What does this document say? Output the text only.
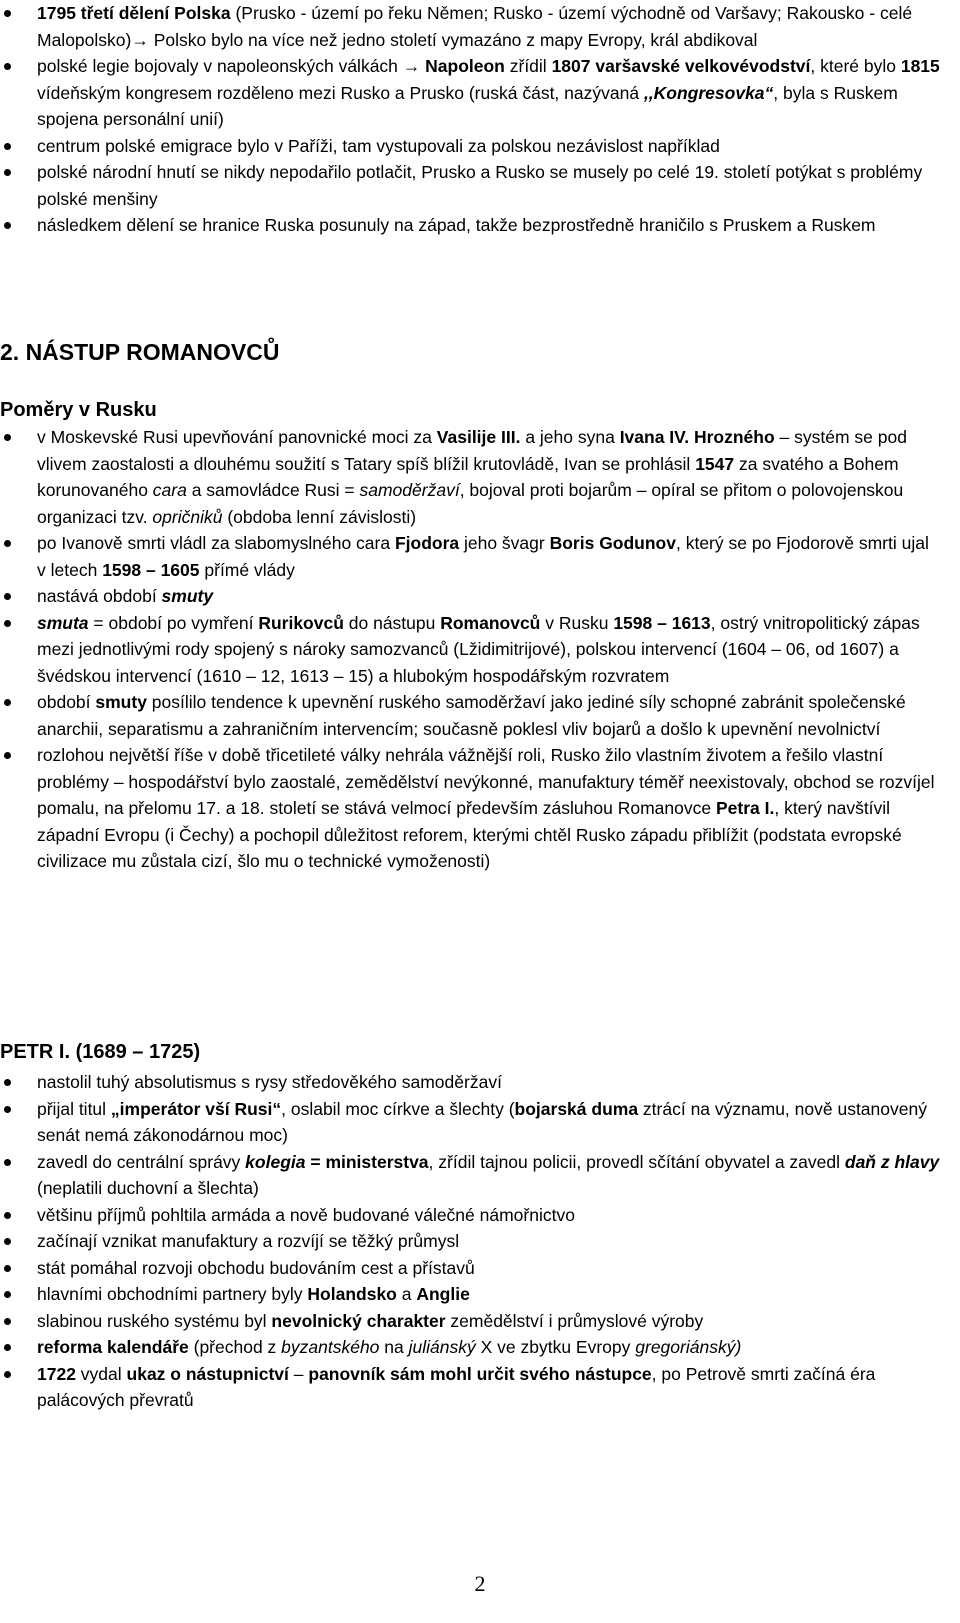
1795 třetí dělení Polska (Prusko - území po řeku Němen; Rusko - území východně od Varšavy; Rakousko - celé Malopolsko)→ Polsko bylo na více než jedno století vymazáno z mapy Evropy, král abdikoval
polské legie bojovaly v napoleonských válkách → Napoleon zřídil 1807 varšavské velkovévodství, které bylo 1815 vídeňským kongresem rozděleno mezi Rusko a Prusko (ruská část, nazývaná ,,Kongresovka“, byla s Ruskem spojena personální unií)
centrum polské emigrace bylo v Paříži, tam vystupovali za polskou nezávislost například
polské národní hnutí se nikdy nepodařilo potlačit, Prusko a Rusko se musely po celé 19. století potýkat s problémy polské menšiny
následkem dělení se hranice Ruska posunuly na západ, takže bezprostředně hraničilo s Pruskem a Ruskem
2. NÁSTUP ROMANOVCŮ
Poměry v Rusku
v Moskevské Rusi upevňování panovnické moci za Vasilije III. a jeho syna Ivana IV. Hrozného – systém se pod vlivem zaostalosti a dlouhému soužití s Tatary spíš blížil krutovládě, Ivan se prohlásil 1547 za svatého a Bohem korunovaného cara a samovládce Rusi = samoděržaví, bojoval proti bojarům – opíral se přitom o polovojenskou organizaci tzv. opričniků (obdoba lenní závislosti)
po Ivanově smrti vládl za slabomyslného cara Fjodora jeho švagr Boris Godunov, který se po Fjodorově smrti ujal v letech 1598 – 1605 přímé vlády
nastává období smuty
smuta = období po vymření Rurikovců do nástupu Romanovců v Rusku 1598 – 1613, ostrý vnitropolitický zápas mezi jednotlivými rody spojený s nároky samozvanců (Lžidimitrijové), polskou intervencí (1604 – 06, od 1607) a švédskou intervencí (1610 – 12, 1613 – 15) a hlubokým hospodářským rozvratem
období smuty posílilo tendence k upevnění ruského samoděržaví jako jediné síly schopné zabránit společenské anarchii, separatismu a zahraničním intervencím; současně poklesl vliv bojarů a došlo k upevnění nevolnictví
rozlohou největší říše v době třicetileté války nehrála vážnější roli, Rusko žilo vlastním životem a řešilo vlastní problémy – hospodářství bylo zaostalé, zemědělství nevýkonné, manufaktury téměř neexistovaly, obchod se rozvíjel pomalu, na přelomu 17. a 18. století se stává velmocí především zásluhou Romanovce Petra I., který navštívil západní Evropu (i Čechy) a pochopil důležitost reforem, kterými chtěl Rusko západu přiblížit (podstata evropské civilizace mu zůstala cizí, šlo mu o technické vymoženosti)
PETR I. (1689 – 1725)
nastolil tuhý absolutismus s rysy středověkého samoděržaví
přijal titul „imperátor vší Rusi“, oslabil moc církve a šlechty (bojarská duma ztrácí na významu, nově ustanovený senát nemá zákonodárnou moc)
zavedl do centrální správy kolegia = ministerstva, zřídil tajnou policii, provedl sčítání obyvatel a zavedl daň z hlavy (neplatili duchovní a šlechta)
většinu příjmů pohltila armáda a nově budované válečné námořnictvo
začínají vznikat manufaktury a rozvíjí se těžký průmysl
stát pomáhal rozvoji obchodu budováním cest a přístavů
hlavními obchodními partnery byly Holandsko a Anglie
slabinou ruského systému byl nevolnický charakter zemědělství i průmyslové výroby
reforma kalendáře (přechod z byzantského na juliánský X ve zbytku Evropy gregoriánský)
1722 vydal ukaz o nástupnictví – panovník sám mohl určit svého nástupce, po Petrově smrti začíná éra palácových převratů
2
